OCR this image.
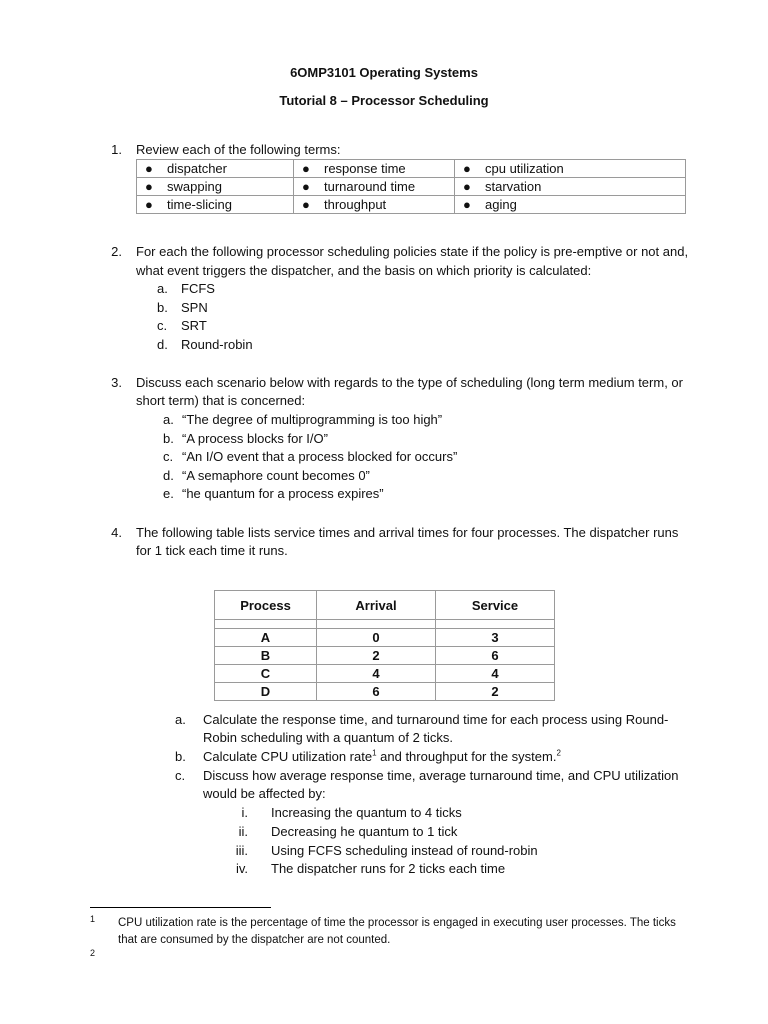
6OMP3101 Operating Systems
Tutorial 8 – Processor Scheduling
1. Review each of the following terms:
● dispatcher	● response time	● cpu utilization
● swapping	● turnaround time	● starvation
● time-slicing	● throughput	● aging
2. For each the following processor scheduling policies state if the policy is pre-emptive or not and,
what event triggers the dispatcher, and the basis on which priority is calculated:
a.	FCFS
b.	SPN
c.	SRT
d.	Round-robin
3. Discuss each scenario below with regards to the type of scheduling (long term medium term, or
short term) that is concerned:
a. “The degree of multiprogramming is too high”
b. “A process blocks for I/O”
c. “An I/O event that a process blocked for occurs”
d. “A semaphore count becomes 0”
e. “he quantum for a process expires”
4. The following table lists service times and arrival times for four processes. The dispatcher runs
for 1 tick each time it runs.
Process	Arrival	Service

A	0	3
B	2	6
C	4	4
D	6	2
a.	Calculate the response time, and turnaround time for each process using Round-
Robin scheduling with a quantum of 2 ticks.
b.	Calculate CPU utilization rate$^1$ and throughput for the system.$^2$
c.	Discuss how average response time, average turnaround time, and CPU utilization
would be affected by:
i. Increasing the quantum to 4 ticks
ii. Decreasing he quantum to 1 tick
iii. Using FCFS scheduling instead of round-robin
iv. The dispatcher runs for 2 ticks each time
1 CPU utilization rate is the percentage of time the processor is engaged in executing user processes. The ticks
that are consumed by the dispatcher are not counted.
2
